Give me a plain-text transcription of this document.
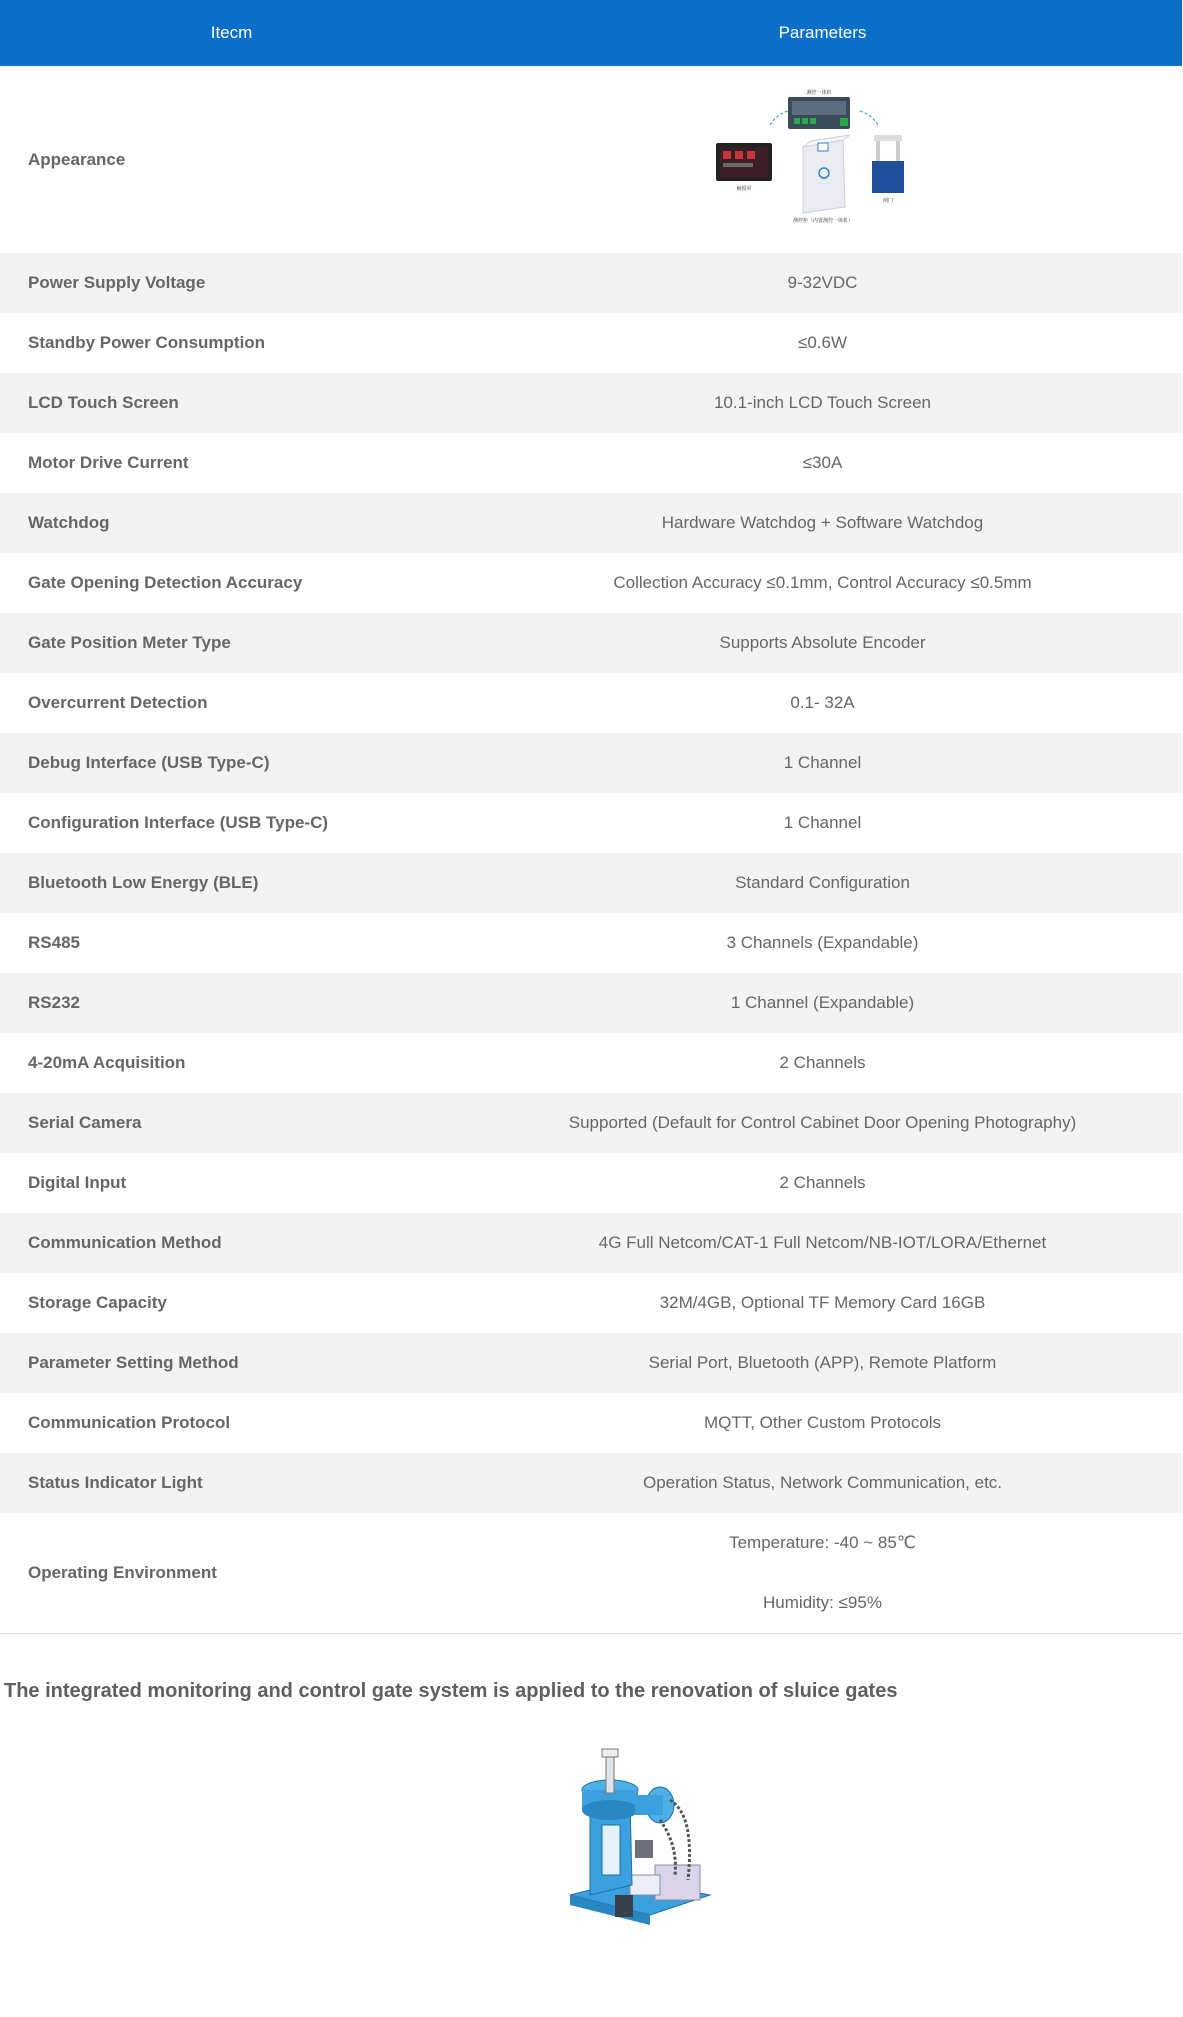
Itecm	Parameters
Appearance	测控一体机
触摸屏
测控柜（内置测控一体机）
闸门

Power Supply Voltage	9-32VDC
Standby Power Consumption	≤0.6W
LCD Touch Screen	10.1-inch LCD Touch Screen
Motor Drive Current	≤30A
Watchdog	Hardware Watchdog + Software Watchdog
Gate Opening Detection Accuracy	Collection Accuracy ≤0.1mm, Control Accuracy ≤0.5mm
Gate Position Meter Type	Supports Absolute Encoder
Overcurrent Detection	0.1- 32A
Debug Interface (USB Type-C)	1 Channel
Configuration Interface (USB Type-C)	1 Channel
Bluetooth Low Energy (BLE)	Standard Configuration
RS485	3 Channels (Expandable)
RS232	1 Channel (Expandable)
4-20mA Acquisition	2 Channels
Serial Camera	Supported (Default for Control Cabinet Door Opening Photography)
Digital Input	2 Channels
Communication Method	4G Full Netcom/CAT-1 Full Netcom/NB-IOT/LORA/Ethernet
Storage Capacity	32M/4GB, Optional TF Memory Card 16GB
Parameter Setting Method	Serial Port, Bluetooth (APP), Remote Platform
Communication Protocol	MQTT, Other Custom Protocols
Status Indicator Light	Operation Status, Network Communication, etc.
Operating Environment	Temperature: -40 ~ 85℃
Humidity: ≤95%
The integrated monitoring and control gate system is applied to the renovation of sluice gates
